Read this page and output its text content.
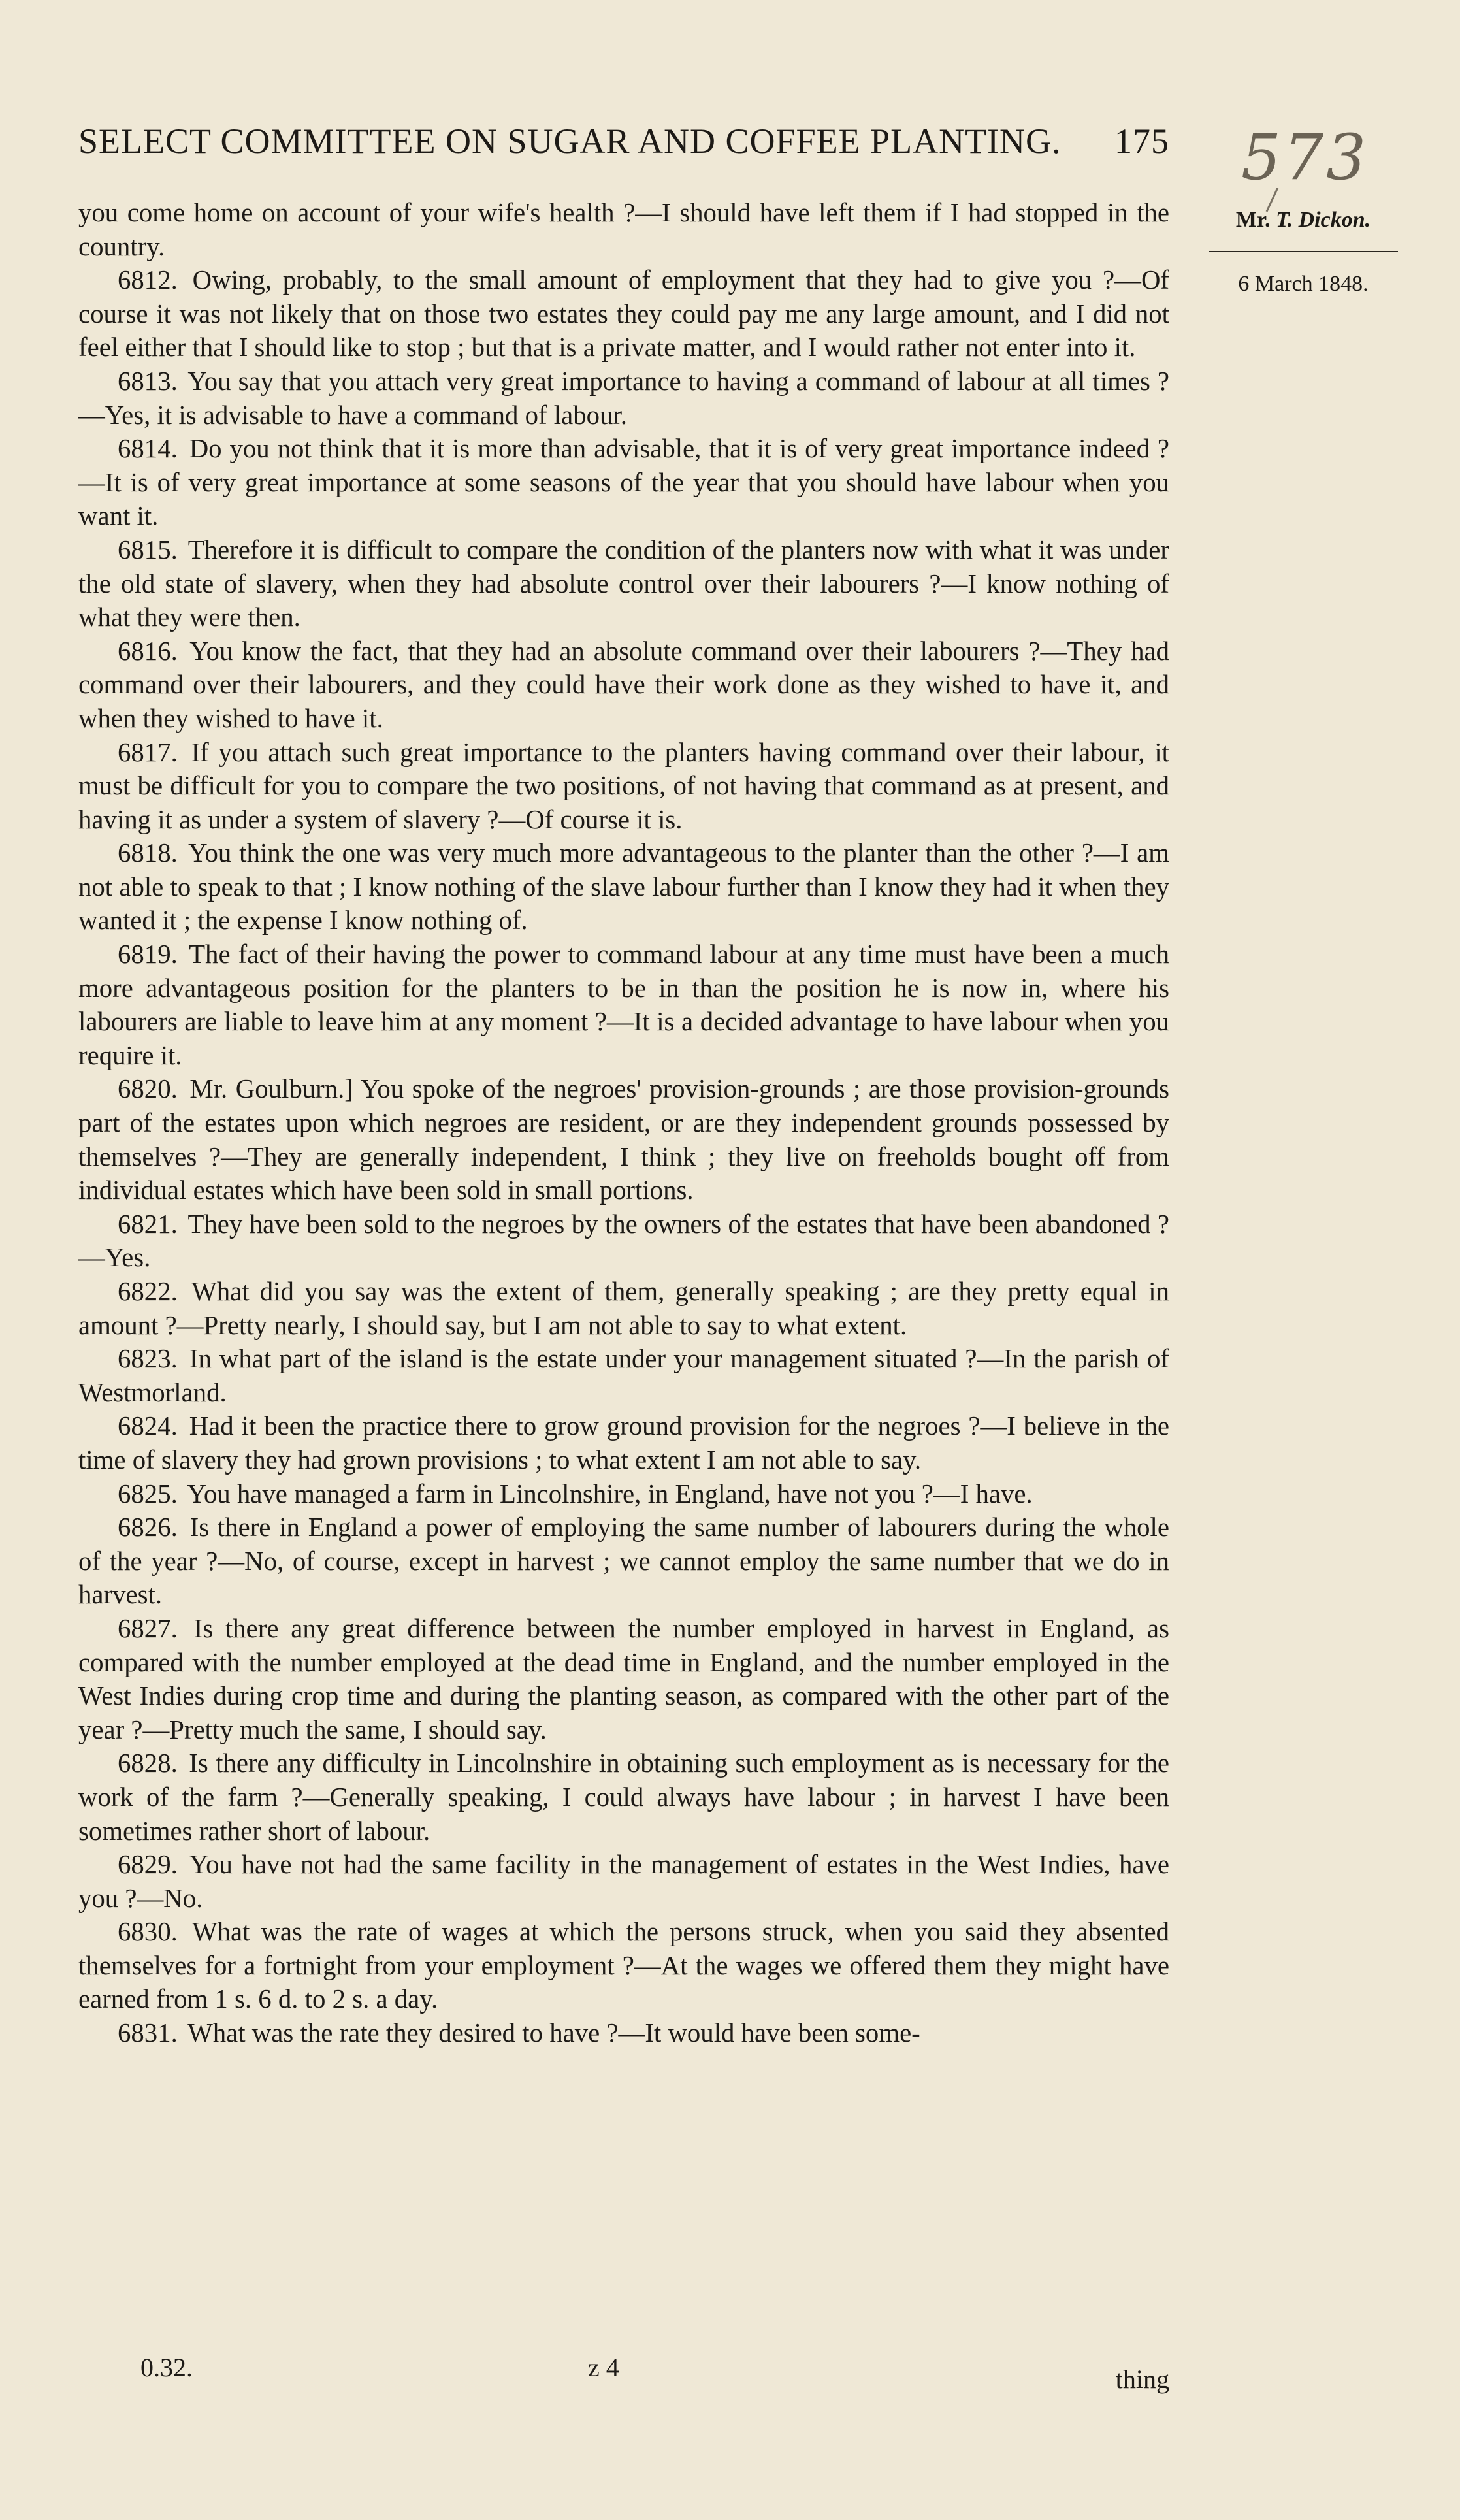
SELECT COMMITTEE ON SUGAR AND COFFEE PLANTING. 175 573
Mr. T. Dickon.
6 March 1848.

you come home on account of your wife's health ?—I should have left them if I had stopped in the country.

6812. Owing, probably, to the small amount of employment that they had to give you ?—Of course it was not likely that on those two estates they could pay me any large amount, and I did not feel either that I should like to stop ; but that is a private matter, and I would rather not enter into it.

6813. You say that you attach very great importance to having a command of labour at all times ?—Yes, it is advisable to have a command of labour.

6814. Do you not think that it is more than advisable, that it is of very great importance indeed ?—It is of very great importance at some seasons of the year that you should have labour when you want it.

6815. Therefore it is difficult to compare the condition of the planters now with what it was under the old state of slavery, when they had absolute control over their labourers ?—I know nothing of what they were then.

6816. You know the fact, that they had an absolute command over their labourers ?—They had command over their labourers, and they could have their work done as they wished to have it, and when they wished to have it.

6817. If you attach such great importance to the planters having command over their labour, it must be difficult for you to compare the two positions, of not having that command as at present, and having it as under a system of slavery ?—Of course it is.

6818. You think the one was very much more advantageous to the planter than the other ?—I am not able to speak to that ; I know nothing of the slave labour further than I know they had it when they wanted it ; the expense I know nothing of.

6819. The fact of their having the power to command labour at any time must have been a much more advantageous position for the planters to be in than the position he is now in, where his labourers are liable to leave him at any moment ?—It is a decided advantage to have labour when you require it.

6820. Mr. Goulburn.] You spoke of the negroes' provision-grounds ; are those provision-grounds part of the estates upon which negroes are resident, or are they independent grounds possessed by themselves ?—They are generally independent, I think ; they live on freeholds bought off from individual estates which have been sold in small portions.

6821. They have been sold to the negroes by the owners of the estates that have been abandoned ?—Yes.

6822. What did you say was the extent of them, generally speaking ; are they pretty equal in amount ?—Pretty nearly, I should say, but I am not able to say to what extent.

6823. In what part of the island is the estate under your management situated ?—In the parish of Westmorland.

6824. Had it been the practice there to grow ground provision for the negroes ?—I believe in the time of slavery they had grown provisions ; to what extent I am not able to say.

6825. You have managed a farm in Lincolnshire, in England, have not you ?—I have.

6826. Is there in England a power of employing the same number of labourers during the whole of the year ?—No, of course, except in harvest ; we cannot employ the same number that we do in harvest.

6827. Is there any great difference between the number employed in harvest in England, as compared with the number employed at the dead time in England, and the number employed in the West Indies during crop time and during the planting season, as compared with the other part of the year ?—Pretty much the same, I should say.

6828. Is there any difficulty in Lincolnshire in obtaining such employment as is necessary for the work of the farm ?—Generally speaking, I could always have labour ; in harvest I have been sometimes rather short of labour.

6829. You have not had the same facility in the management of estates in the West Indies, have you ?—No.

6830. What was the rate of wages at which the persons struck, when you said they absented themselves for a fortnight from your employment ?—At the wages we offered them they might have earned from 1 s. 6 d. to 2 s. a day.

6831. What was the rate they desired to have ?—It would have been some-

0.32.	z 4	thing
